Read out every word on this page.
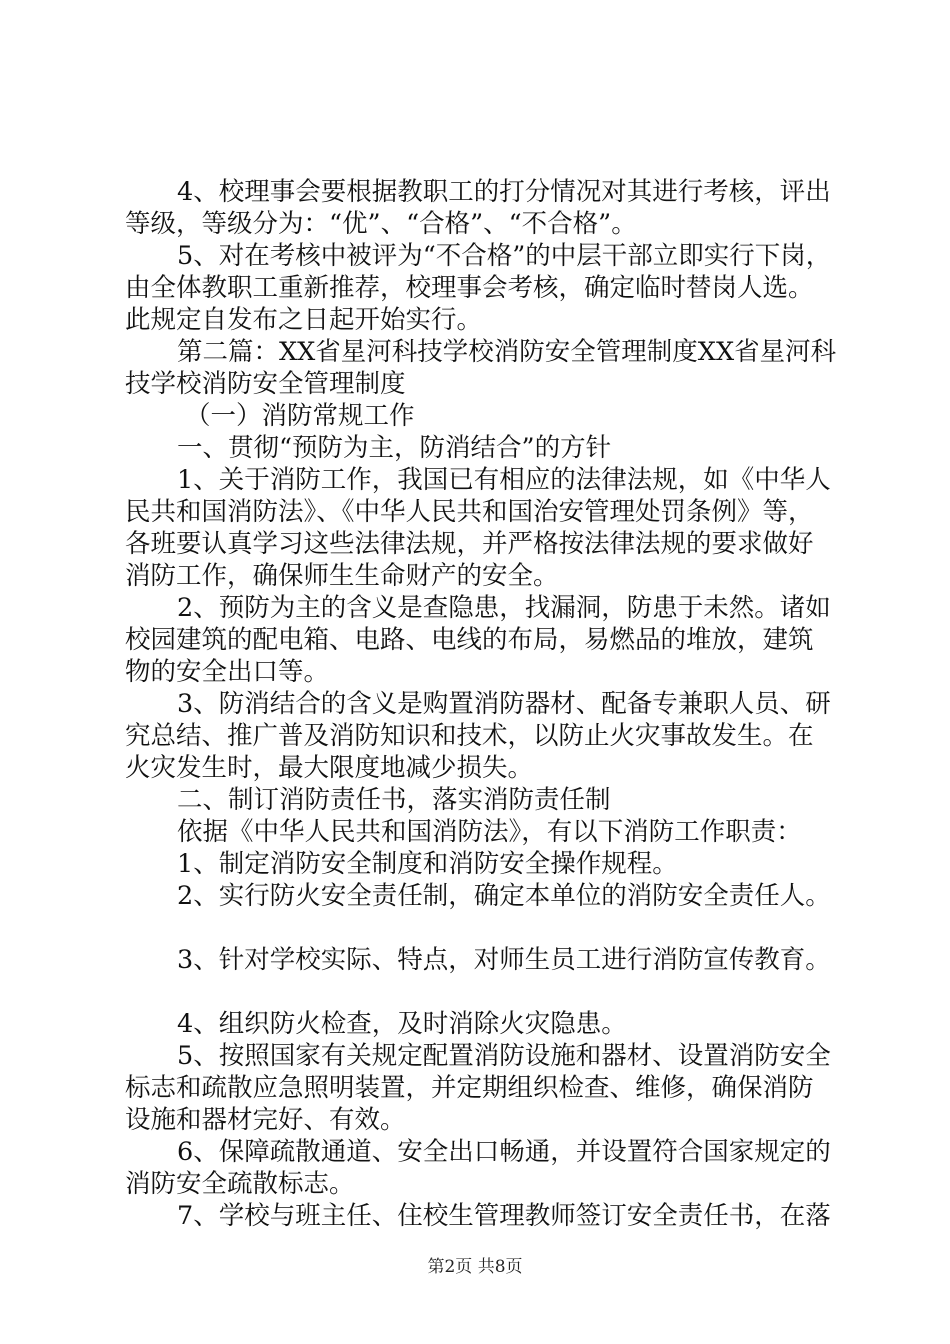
4、校理事会要根据教职工的打分情况对其进行考核，评出
等级，等级分为：“优”、“合格”、“不合格”。
5、对在考核中被评为“不合格”的中层干部立即实行下岗，
由全体教职工重新推荐，校理事会考核，确定临时替岗人选。
此规定自发布之日起开始实行。
第二篇：XX省星河科技学校消防安全管理制度XX省星河科
技学校消防安全管理制度
（一）消防常规工作
一、贯彻“预防为主，防消结合”的方针
1、关于消防工作，我国已有相应的法律法规，如《中华人
民共和国消防法》、《中华人民共和国治安管理处罚条例》等，
各班要认真学习这些法律法规，并严格按法律法规的要求做好
消防工作，确保师生生命财产的安全。
2、预防为主的含义是查隐患，找漏洞，防患于未然。诸如
校园建筑的配电箱、电路、电线的布局，易燃品的堆放，建筑
物的安全出口等。
3、防消结合的含义是购置消防器材、配备专兼职人员、研
究总结、推广普及消防知识和技术，以防止火灾事故发生。在
火灾发生时，最大限度地减少损失。
二、制订消防责任书，落实消防责任制
依据《中华人民共和国消防法》，有以下消防工作职责：
1、制定消防安全制度和消防安全操作规程。
2、实行防火安全责任制，确定本单位的消防安全责任人。
3、针对学校实际、特点，对师生员工进行消防宣传教育。
4、组织防火检查，及时消除火灾隐患。
5、按照国家有关规定配置消防设施和器材、设置消防安全
标志和疏散应急照明装置，并定期组织检查、维修，确保消防
设施和器材完好、有效。
6、保障疏散通道、安全出口畅通，并设置符合国家规定的
消防安全疏散标志。
7、学校与班主任、住校生管理教师签订安全责任书，在落
第2页 共8页
